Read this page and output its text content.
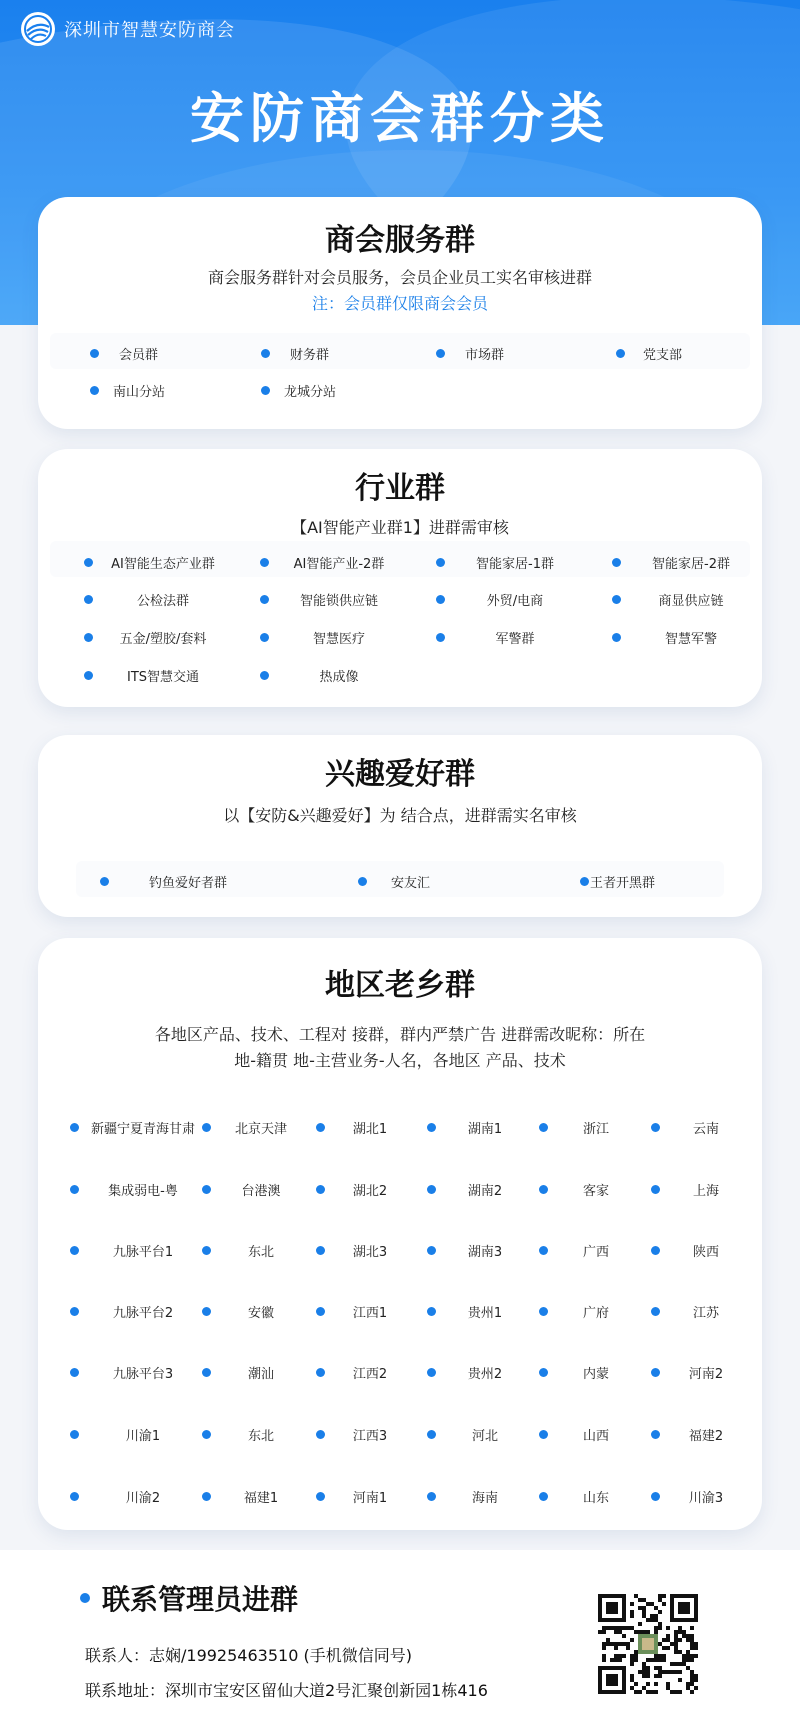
深圳市智慧安防商会
安防商会群分类
商会服务群
商会服务群针对会员服务，会员企业员工实名审核进群
注：会员群仅限商会会员
会员群	财务群	市场群	党支部
南山分站	龙城分站
行业群
【AI智能产业群1】进群需审核
AI智能生态产业群	AI智能产业-2群	智能家居-1群	智能家居-2群
公检法群	智能锁供应链	外贸/电商	商显供应链
五金/塑胶/套料	智慧医疗	军警群	智慧军警
ITS智慧交通	热成像
兴趣爱好群
以【安防&兴趣爱好】为 结合点，进群需实名审核
钓鱼爱好者群	安友汇	王者开黑群
地区老乡群
各地区产品、技术、工程对 接群，群内严禁广告 进群需改昵称：所在
地-籍贯 地-主营业务-人名，各地区 产品、技术
新疆宁夏青海甘肃	北京天津	湖北1	湖南1	浙江	云南
集成弱电-粤	台港澳	湖北2	湖南2	客家	上海
九脉平台1	东北	湖北3	湖南3	广西	陕西
九脉平台2	安徽	江西1	贵州1	广府	江苏
九脉平台3	潮汕	江西2	贵州2	内蒙	河南2
川渝1	东北	江西3	河北	山西	福建2
川渝2	福建1	河南1	海南	山东	川渝3
联系管理员进群
联系人：志娴/19925463510 (手机微信同号)
联系地址：深圳市宝安区留仙大道2号汇聚创新园1栋416
